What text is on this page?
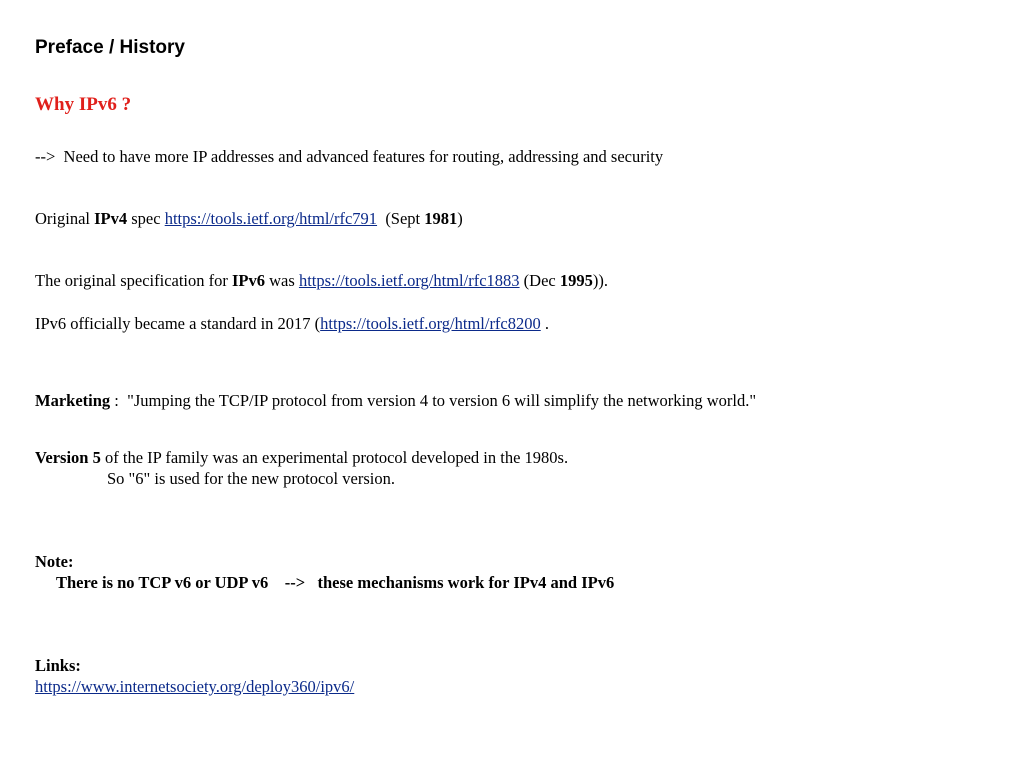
Preface / History
Why IPv6 ?
--> Need to have more IP addresses and advanced features for routing, addressing and security
Original IPv4 spec https://tools.ietf.org/html/rfc791  (Sept 1981)
The original specification for IPv6 was https://tools.ietf.org/html/rfc1883 (Dec 1995)).
IPv6 officially became a standard in 2017 (https://tools.ietf.org/html/rfc8200 .
Marketing :  "Jumping the TCP/IP protocol from version 4 to version 6 will simplify the networking world."
Version 5 of the IP family was an experimental protocol developed in the 1980s.
So "6" is used for the new protocol version.
Note:
There is no TCP v6 or UDP v6    -->   these mechanisms work for IPv4 and IPv6
Links:
https://www.internetsociety.org/deploy360/ipv6/
